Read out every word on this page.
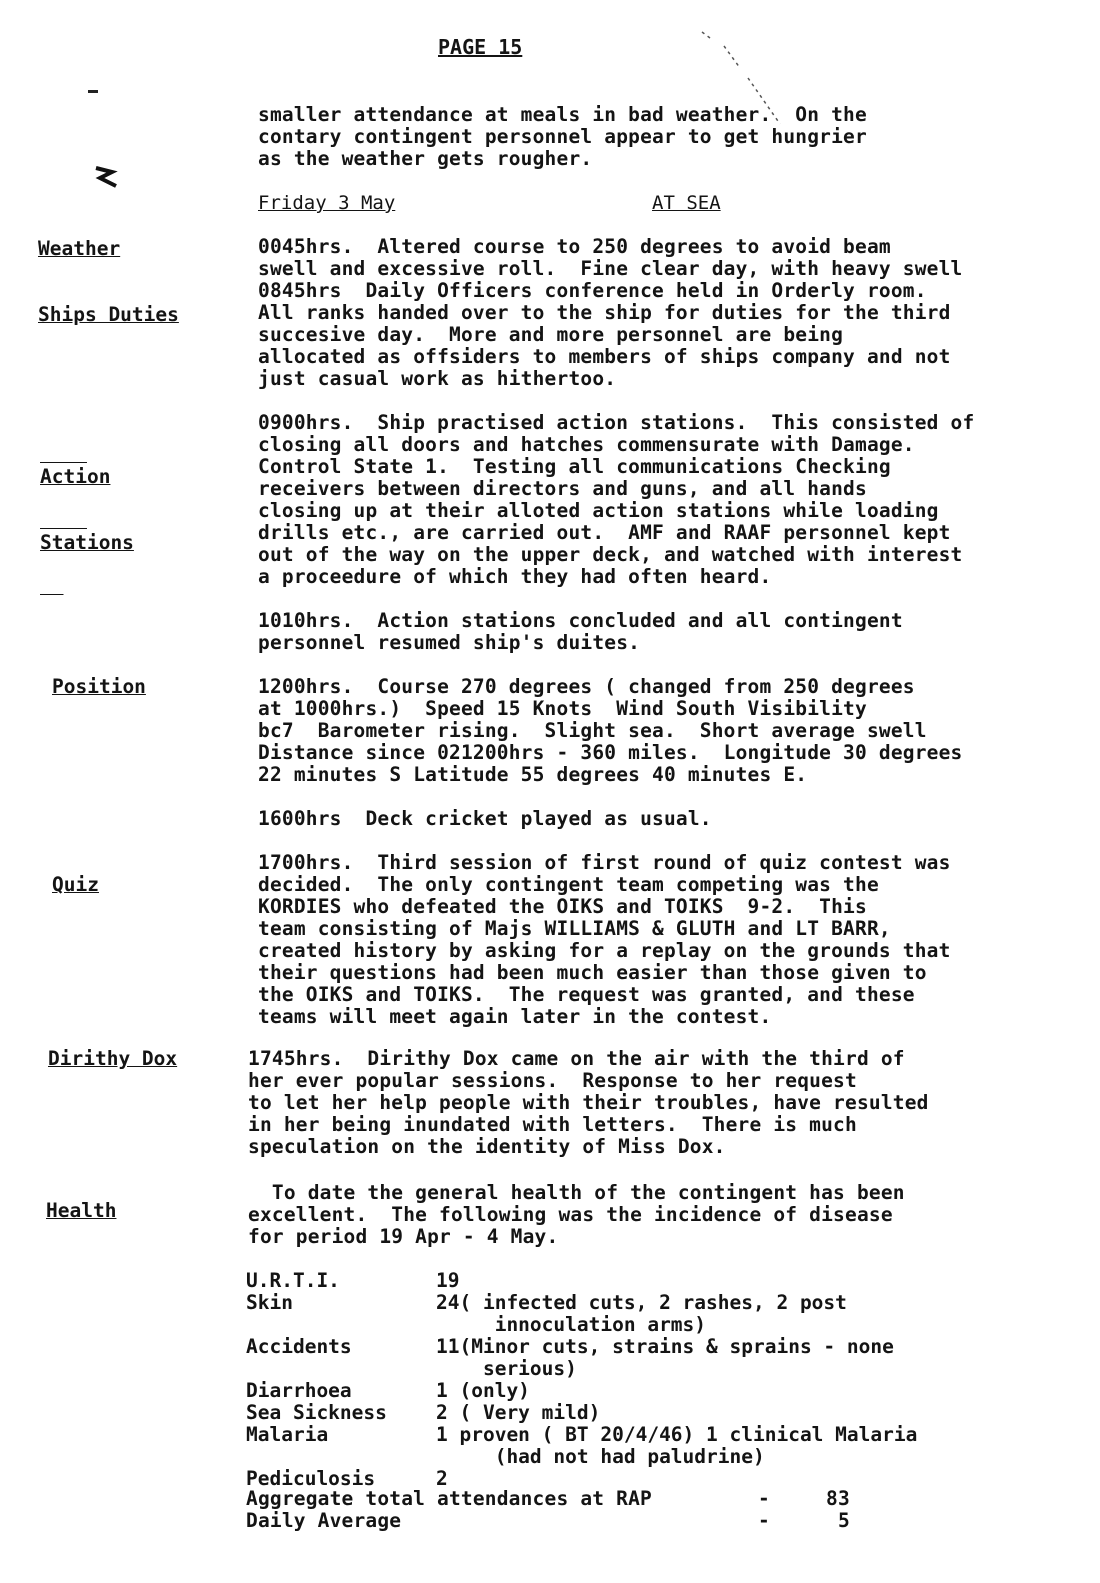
PAGE 15
smaller attendance at meals in bad weather.  On the
contary contingent personnel appear to get hungrier
as the weather gets rougher.
Friday 3 May	AT SEA
Weather	0045hrs.  Altered course to 250 degrees to avoid beam
swell and excessive roll.  Fine clear day, with heavy swell
0845hrs  Daily Officers conference held in Orderly room.
Ships Duties	All ranks handed over to the ship for duties for the third
succesive day.  More and more personnel are being
allocated as offsiders to members of ships company and not
just casual work as hithertoo.

Action

Stations

0900hrs.  Ship practised action stations.  This consisted of
closing all doors and hatches commensurate with Damage.
Control State 1.  Testing all communications Checking
receivers between directors and guns, and all hands
closing up at their alloted action stations while loading
drills etc., are carried out.  AMF and RAAF personnel kept
out of the way on the upper deck, and watched with interest
a proceedure of which they had often heard.
1010hrs.  Action stations concluded and all contingent
personnel resumed ship's duites.
Position	1200hrs.  Course 270 degrees ( changed from 250 degrees
at 1000hrs.)  Speed 15 Knots  Wind South Visibility
bc7  Barometer rising.  Slight sea.  Short average swell
Distance since 021200hrs - 360 miles.  Longitude 30 degrees
22 minutes S Latitude 55 degrees 40 minutes E.
1600hrs  Deck cricket played as usual.
Quiz
1700hrs.  Third session of first round of quiz contest was
decided.  The only contingent team competing was the
KORDIES who defeated the OIKS and TOIKS  9-2.  This
team consisting of Majs WILLIAMS & GLUTH and LT BARR,
created history by asking for a replay on the grounds that
their questions had been much easier than those given to
the OIKS and TOIKS.  The request was granted, and these
teams will meet again later in the contest.
Dirithy Dox	1745hrs.  Dirithy Dox came on the air with the third of
her ever popular sessions.  Response to her request
to let her help people with their troubles, have resulted
in her being inundated with letters.  There is much
speculation on the identity of Miss Dox.
Health
To date the general health of the contingent has been
excellent.  The following was the incidence of disease
for period 19 Apr - 4 May.
U.R.T.I.	19	
Skin	24	( infected cuts, 2 rashes, 2 post
innoculation arms)

Accidents	11	(Minor cuts, strains & sprains - none
serious)

Diarrhoea	1	(only)
Sea Sickness	2	( Very mild)
Malaria	1	proven ( BT 20/4/46) 1 clinical Malaria
(had not had paludrine)

Pediculosis	2	
Aggregate total attendances at RAP	-	83
Daily Average	-	5
